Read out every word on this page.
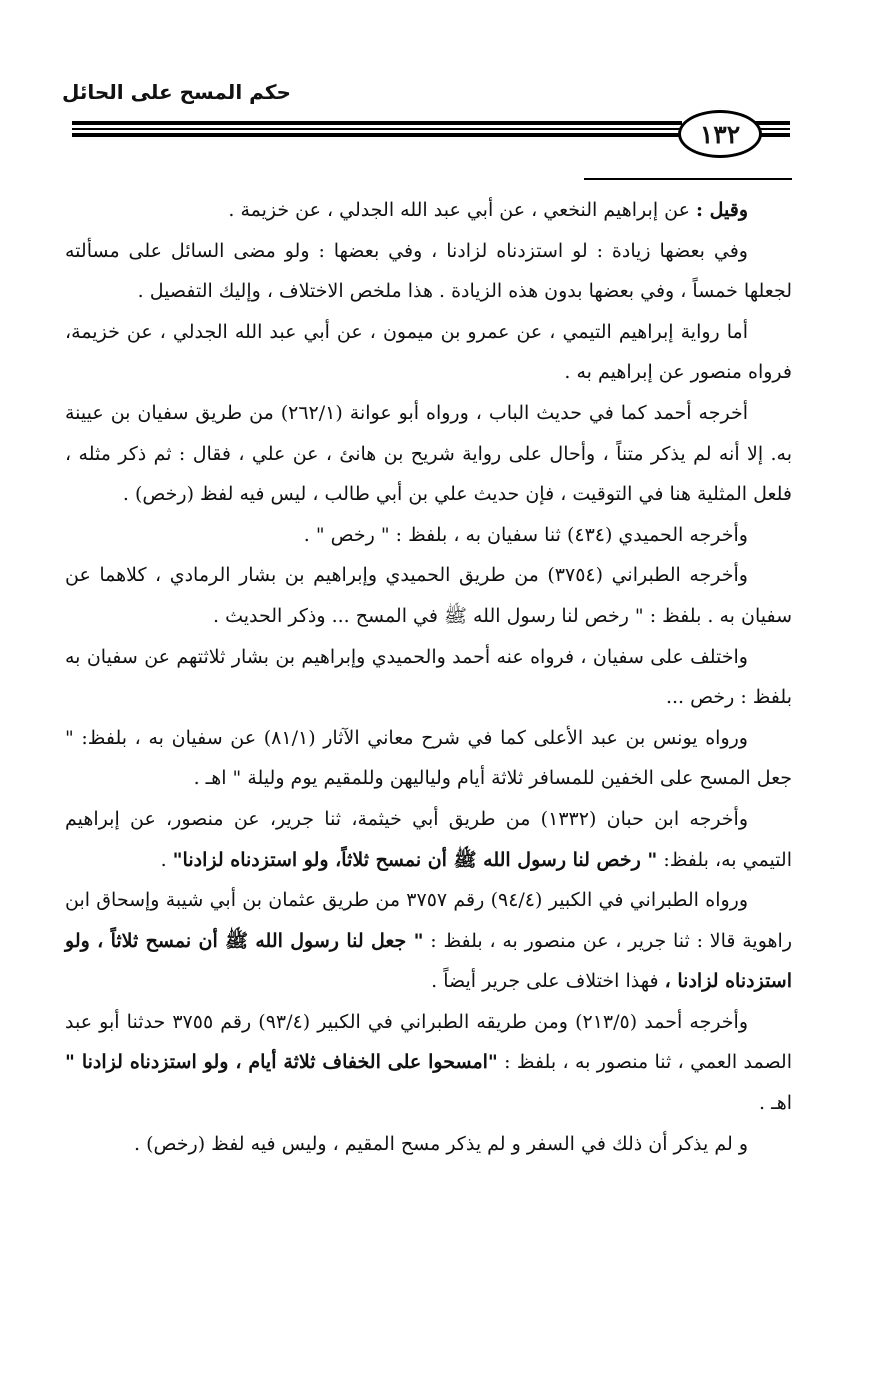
حكم المسح على الحائل
١٣٢

وقيل : عن إبراهيم النخعي ، عن أبي عبد الله الجدلي ، عن خزيمة .

وفي بعضها زيادة : لو استزدناه لزادنا ، وفي بعضها : ولو مضى السائل على مسألته لجعلها خمساً ، وفي بعضها بدون هذه الزيادة . هذا ملخص الاختلاف ، وإليك التفصيل .

أما رواية إبراهيم التيمي ، عن عمرو بن ميمون ، عن أبي عبد الله الجدلي ، عن خزيمة، فرواه منصور عن إبراهيم به .

أخرجه أحمد كما في حديث الباب ، ورواه أبو عوانة (٢٦٢/١) من طريق سفيان بن عيينة به. إلا أنه لم يذكر متناً ، وأحال على رواية شريح بن هانئ ، عن علي ، فقال : ثم ذكر مثله ، فلعل المثلية هنا في التوقيت ، فإن حديث علي بن أبي طالب ، ليس فيه لفظ (رخص) .

وأخرجه الحميدي (٤٣٤) ثنا سفيان به ، بلفظ : " رخص " .

وأخرجه الطبراني (٣٧٥٤) من طريق الحميدي وإبراهيم بن بشار الرمادي ، كلاهما عن سفيان به . بلفظ : " رخص لنا رسول الله ﷺ في المسح ... وذكر الحديث .

واختلف على سفيان ، فرواه عنه أحمد والحميدي وإبراهيم بن بشار ثلاثتهم عن سفيان به بلفظ : رخص ...

ورواه يونس بن عبد الأعلى كما في شرح معاني الآثار (٨١/١) عن سفيان به ، بلفظ: " جعل المسح على الخفين للمسافر ثلاثة أيام ولياليهن وللمقيم يوم وليلة " اهـ .

وأخرجه ابن حبان (١٣٣٢) من طريق أبي خيثمة، ثنا جرير، عن منصور، عن إبراهيم التيمي به، بلفظ: " رخص لنا رسول الله ﷺ أن نمسح ثلاثاً، ولو استزدناه لزادنا" .

ورواه الطبراني في الكبير (٩٤/٤) رقم ٣٧٥٧ من طريق عثمان بن أبي شيبة وإسحاق ابن راهوية قالا : ثنا جرير ، عن منصور به ، بلفظ : " جعل لنا رسول الله ﷺ أن نمسح ثلاثاً ، ولو استزدناه لزادنا ، فهذا اختلاف على جرير أيضاً .

وأخرجه أحمد (٢١٣/٥) ومن طريقه الطبراني في الكبير (٩٣/٤) رقم ٣٧٥٥ حدثنا أبو عبد الصمد العمي ، ثنا منصور به ، بلفظ : "امسحوا على الخفاف ثلاثة أيام ، ولو استزدناه لزادنا " اهـ .

و لم يذكر أن ذلك في السفر و لم يذكر مسح المقيم ، وليس فيه لفظ (رخص) .
